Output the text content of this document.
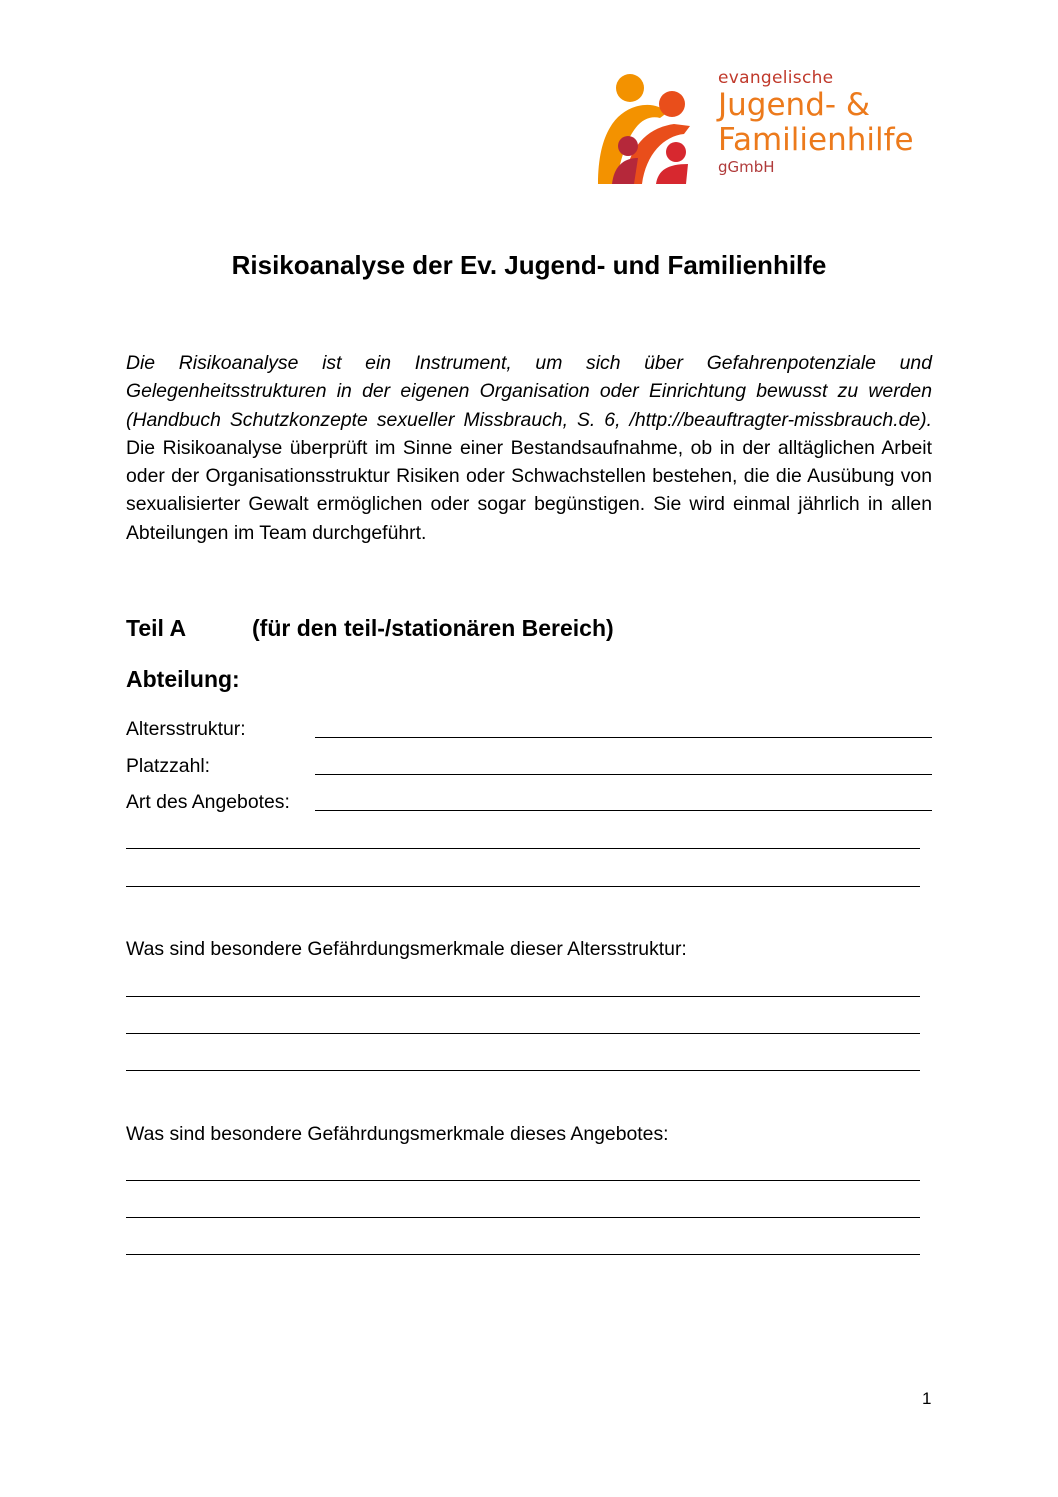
evangelische
Jugend- &
Familienhilfe
gGmbH
Risikoanalyse der Ev. Jugend- und Familienhilfe
Die Risikoanalyse ist ein Instrument, um sich über Gefahrenpotenziale und Gelegenheitsstrukturen in der eigenen Organisation oder Einrichtung bewusst zu werden (Handbuch Schutzkonzepte sexueller Missbrauch, S. 6, /http://beauftragter-missbrauch.de). Die Risikoanalyse überprüft im Sinne einer Bestandsaufnahme, ob in der alltäglichen Arbeit oder der Organisationsstruktur Risiken oder Schwachstellen bestehen, die die Ausübung von sexualisierter Gewalt ermöglichen oder sogar begünstigen. Sie wird einmal jährlich in allen Abteilungen im Team durchgeführt.
Teil A	(für den teil-/stationären Bereich)
Abteilung:
Altersstruktur:
Platzzahl:
Art des Angebotes:
Was sind besondere Gefährdungsmerkmale dieser Altersstruktur:
Was sind besondere Gefährdungsmerkmale dieses Angebotes:
1
